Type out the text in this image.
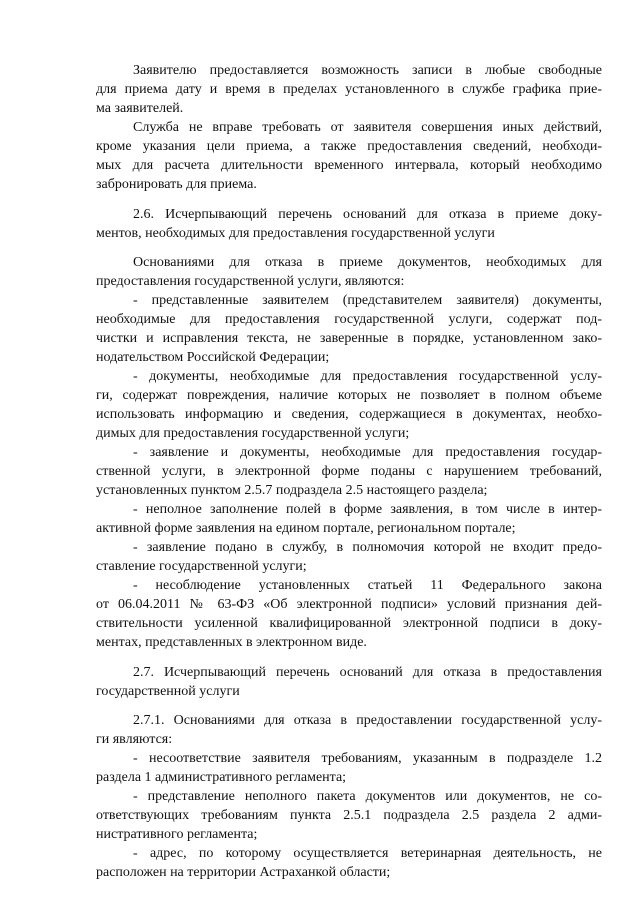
Заявителю предоставляется возможность записи в любые свободные
для приема дату и время в пределах установленного в службе графика прие-
ма заявителей.
Служба не вправе требовать от заявителя совершения иных действий,
кроме указания цели приема, а также предоставления сведений, необходи-
мых для расчета длительности временного интервала, который необходимо
забронировать для приема.
2.6. Исчерпывающий перечень оснований для отказа в приеме доку-
ментов, необходимых для предоставления государственной услуги
Основаниями для отказа в приеме документов, необходимых для
предоставления государственной услуги, являются:
- представленные заявителем (представителем заявителя) документы,
необходимые для предоставления государственной услуги, содержат под-
чистки и исправления текста, не заверенные в порядке, установленном зако-
нодательством Российской Федерации;
- документы, необходимые для предоставления государственной услу-
ги, содержат повреждения, наличие которых не позволяет в полном объеме
использовать информацию и сведения, содержащиеся в документах, необхо-
димых для предоставления государственной услуги;
- заявление и документы, необходимые для предоставления государ-
ственной услуги, в электронной форме поданы с нарушением требований,
установленных пунктом 2.5.7 подраздела 2.5 настоящего раздела;
- неполное заполнение полей в форме заявления, в том числе в интер-
активной форме заявления на едином портале, региональном портале;
- заявление подано в службу, в полномочия которой не входит предо-
ставление государственной услуги;
- несоблюдение установленных статьей 11 Федерального закона
от 06.04.2011 № 63-ФЗ «Об электронной подписи» условий признания дей-
ствительности усиленной квалифицированной электронной подписи в доку-
ментах, представленных в электронном виде.
2.7. Исчерпывающий перечень оснований для отказа в предоставления
государственной услуги
2.7.1. Основаниями для отказа в предоставлении государственной услу-
ги являются:
- несоответствие заявителя требованиям, указанным в подразделе 1.2
раздела 1 административного регламента;
- представление неполного пакета документов или документов, не со-
ответствующих требованиям пункта 2.5.1 подраздела 2.5 раздела 2 адми-
нистративного регламента;
- адрес, по которому осуществляется ветеринарная деятельность, не
расположен на территории Астраханкой области;
